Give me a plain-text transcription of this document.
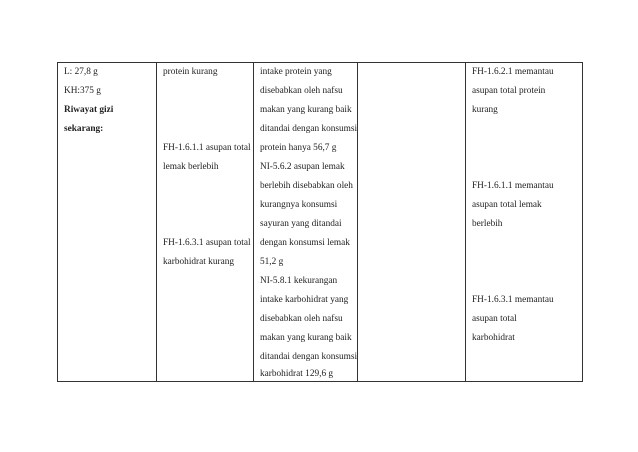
L: 27,8 g
KH:375 g
Riwayat gizi
sekarang:
protein kurang
FH-1.6.1.1 asupan total
lemak berlebih
FH-1.6.3.1 asupan total
karbohidrat kurang
intake protein yang
disebabkan oleh nafsu
makan yang kurang baik
ditandai dengan konsumsi
protein hanya 56,7 g
NI-5.6.2 asupan lemak
berlebih disebabkan oleh
kurangnya konsumsi
sayuran yang ditandai
dengan konsumsi lemak
51,2 g
NI-5.8.1 kekurangan
intake karbohidrat yang
disebabkan oleh nafsu
makan yang kurang baik
ditandai dengan konsumsi
karbohidrat 129,6 g
FH-1.6.2.1 memantau
asupan total protein
kurang
FH-1.6.1.1 memantau
asupan total lemak
berlebih
FH-1.6.3.1 memantau
asupan total
karbohidrat
